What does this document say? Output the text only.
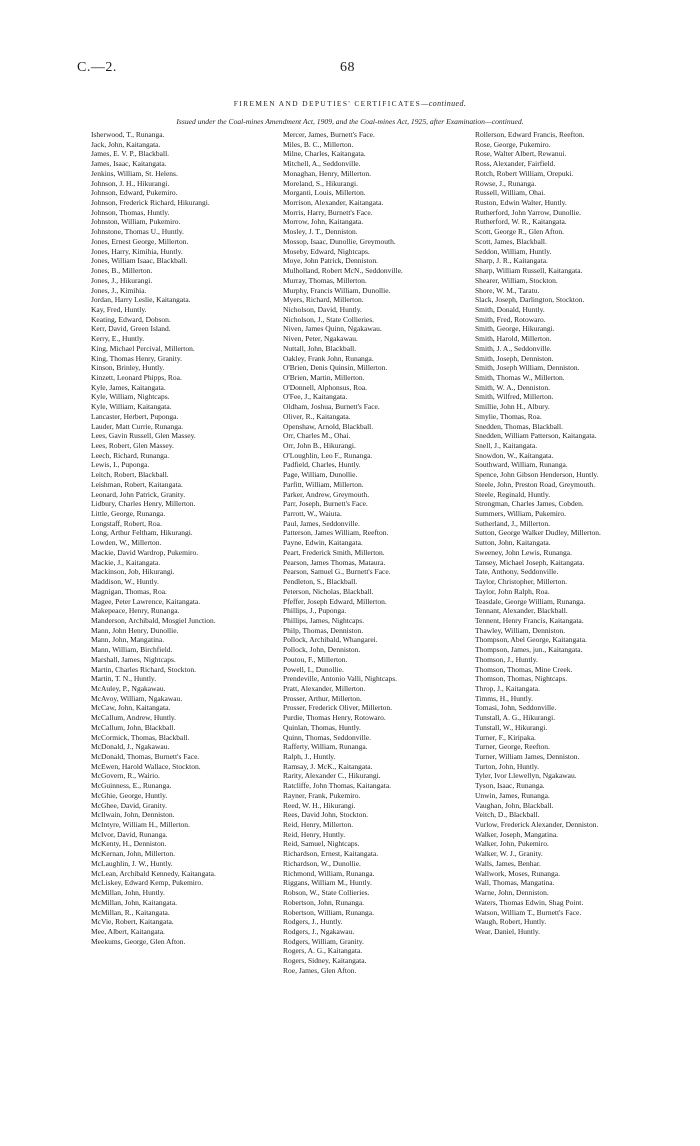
C.—2.	68
FIREMEN AND DEPUTIES' CERTIFICATES—continued.
Issued under the Coal-mines Amendment Act, 1909, and the Coal-mines Act, 1925, after Examination—continued.
Isherwood, T., Runanga.
Jack, John, Kaitangata.
James, E. V. P., Blackball.
James, Isaac, Kaitangata.
Jenkins, William, St. Helens.
Johnson, J. H., Hikurangi.
Johnson, Edward, Pukemiro.
Johnson, Frederick Richard, Hikurangi.
Johnson, Thomas, Huntly.
Johnston, William, Pukemiro.
Johnstone, Thomas U., Huntly.
Jones, Ernest George, Millerton.
Jones, Harry, Kimihia, Huntly.
Jones, William Isaac, Blackball.
Jones, B., Millerton.
Jones, J., Hikurangi.
Jones, J., Kimihia.
Jordan, Harry Leslie, Kaitangata.
Kay, Fred, Huntly.
Keating, Edward, Dobson.
Kerr, David, Green Island.
Kerry, E., Huntly.
King, Michael Percival, Millerton.
King, Thomas Henry, Granity.
Kinson, Brinley, Huntly.
Kinzett, Leonard Phipps, Roa.
Kyle, James, Kaitangata.
Kyle, William, Nightcaps.
Kyle, William, Kaitangata.
Lancaster, Herbert, Puponga.
Lauder, Matt Currie, Runanga.
Lees, Gavin Russell, Glen Massey.
Lees, Robert, Glen Massey.
Leech, Richard, Runanga.
Lewis, I., Puponga.
Leitch, Robert, Blackball.
Leishman, Robert, Kaitangata.
Leonard, John Patrick, Granity.
Lidbury, Charles Henry, Millerton.
Little, George, Runanga.
Longstaff, Robert, Roa.
Long, Arthur Feltham, Hikurangi.
Lowden, W., Millerton.
Mackie, David Wardrop, Pukemiro.
Mackie, J., Kaitangata.
Mackinson, Job, Hikurangi.
Maddison, W., Huntly.
Magnigan, Thomas, Roa.
Magee, Peter Lawrence, Kaitangata.
Makepeace, Henry, Runanga.
Manderson, Archibald, Mosgiel Junction.
Mann, John Henry, Dunollie.
Mann, John, Mangatina.
Mann, William, Birchfield.
Marshall, James, Nightcaps.
Martin, Charles Richard, Stockton.
Martin, T. N., Huntly.
McAuley, P., Ngakawau.
McAvoy, William, Ngakawau.
McCaw, John, Kaitangata.
McCallum, Andrew, Huntly.
McCallum, John, Blackball.
McCormick, Thomas, Blackball.
McDonald, J., Ngakawau.
McDonald, Thomas, Burnett's Face.
McEwen, Harold Wallace, Stockton.
McGovern, R., Wairio.
McGuinness, E., Runanga.
McGhie, George, Huntly.
McGhee, David, Granity.
McIlwain, John, Denniston.
McIntyre, William H., Millerton.
McIvor, David, Runanga.
McKenty, H., Denniston.
McKernan, John, Millerton.
McLaughlin, J. W., Huntly.
McLean, Archibald Kennedy, Kaitangata.
McLiskey, Edward Kemp, Pukemiro.
McMillan, John, Huntly.
McMillan, John, Kaitangata.
McMillan, R., Kaitangata.
McVie, Robert, Kaitangata.
Mee, Albert, Kaitangata.
Meekums, George, Glen Afton.
Mercer, James, Burnett's Face.
Miles, B. C., Millerton.
Milne, Charles, Kaitangata.
Mitchell, A., Seddonville.
Monaghan, Henry, Millerton.
Moreland, S., Hikurangi.
Morganti, Louis, Millerton.
Morrison, Alexander, Kaitangata.
Morris, Harry, Burnett's Face.
Morrow, John, Kaitangata.
Mosley, J. T., Denniston.
Mossop, Isaac, Dunollie, Greymouth.
Moseby, Edward, Nightcaps.
Moye, John Patrick, Denniston.
Mulholland, Robert McN., Seddonville.
Murray, Thomas, Millerton.
Murphy, Francis William, Dunollie.
Myers, Richard, Millerton.
Nicholson, David, Huntly.
Nicholson, J., State Collieries.
Niven, James Quinn, Ngakawau.
Niven, Peter, Ngakawau.
Nuttall, John, Blackball.
Oakley, Frank John, Runanga.
O'Brien, Denis Quinsin, Millerton.
O'Brien, Martin, Millerton.
O'Donnell, Alphonsus, Roa.
O'Fee, J., Kaitangata.
Oldham, Joshua, Burnett's Face.
Oliver, R., Kaitangata.
Openshaw, Arnold, Blackball.
Orr, Charles M., Ohai.
Orr, John B., Hikurangi.
O'Loughlin, Leo F., Runanga.
Padfield, Charles, Huntly.
Page, William, Dunollie.
Parfitt, William, Millerton.
Parker, Andrew, Greymouth.
Parr, Joseph, Burnett's Face.
Parrott, W., Waiuta.
Paul, James, Seddonville.
Patterson, James William, Reefton.
Payne, Edwin, Kaitangata.
Peart, Frederick Smith, Millerton.
Pearson, James Thomas, Mataura.
Pearson, Samuel G., Burnett's Face.
Pendleton, S., Blackball.
Peterson, Nicholas, Blackball.
Pfeffer, Joseph Edward, Millerton.
Phillips, J., Puponga.
Phillips, James, Nightcaps.
Philp, Thomas, Denniston.
Pollock, Archibald, Whangarei.
Pollock, John, Denniston.
Poutou, F., Millerton.
Powell, I., Dunollie.
Prendeville, Antonio Valli, Nightcaps.
Pratt, Alexander, Millerton.
Prosser, Arthur, Millerton.
Prosser, Frederick Oliver, Millerton.
Purdie, Thomas Henry, Rotowaro.
Quinlan, Thomas, Huntly.
Quinn, Thomas, Seddonville.
Rafferty, William, Runanga.
Ralph, J., Huntly.
Ramsay, J. McK., Kaitangata.
Rarity, Alexander C., Hikurangi.
Ratcliffe, John Thomas, Kaitangata.
Rayner, Frank, Pukemiro.
Reed, W. H., Hikurangi.
Rees, David John, Stockton.
Reid, Henry, Millerton.
Reid, Henry, Huntly.
Reid, Samuel, Nightcaps.
Richardson, Ernest, Kaitangata.
Richardson, W., Dunollie.
Richmond, William, Runanga.
Riggans, William M., Huntly.
Robson, W., State Collieries.
Robertson, John, Runanga.
Robertson, William, Runanga.
Rodgers, J., Huntly.
Rodgers, J., Ngakawau.
Rodgers, William, Granity.
Rogers, A. G., Kaitangata.
Rogers, Sidney, Kaitangata.
Roe, James, Glen Afton.
Rollerson, Edward Francis, Reefton.
Rose, George, Pukemiro.
Rose, Walter Albert, Rewanui.
Ross, Alexander, Fairfield.
Rotch, Robert William, Orepuki.
Rowse, J., Runanga.
Russell, William, Ohai.
Ruston, Edwin Walter, Huntly.
Rutherford, John Yarrow, Dunollie.
Rutherford, W. R., Kaitangata.
Scott, George R., Glen Afton.
Scott, James, Blackball.
Seddon, William, Huntly.
Sharp, J. R., Kaitangata.
Sharp, William Russell, Kaitangata.
Shearer, William, Stockton.
Shore, W. M., Taratu.
Slack, Joseph, Darlington, Stockton.
Smith, Donald, Huntly.
Smith, Fred, Rotowaro.
Smith, George, Hikurangi.
Smith, Harold, Millerton.
Smith, J. A., Seddonville.
Smith, Joseph, Denniston.
Smith, Joseph William, Denniston.
Smith, Thomas W., Millerton.
Smith, W. A., Denniston.
Smith, Wilfred, Millerton.
Smillie, John H., Albury.
Smylie, Thomas, Roa.
Snedden, Thomas, Blackball.
Snedden, William Patterson, Kaitangata.
Snell, J., Kaitangata.
Snowdon, W., Kaitangata.
Southward, William, Runanga.
Spence, John Gibson Henderson, Huntly.
Steele, John, Preston Road, Greymouth.
Steele, Reginald, Huntly.
Strongman, Charles James, Cobden.
Summers, William, Pukemiro.
Sutherland, J., Millerton.
Sutton, George Walker Dudley, Millerton.
Sutton, John, Kaitangata.
Sweeney, John Lewis, Runanga.
Tansey, Michael Joseph, Kaitangata.
Tate, Anthony, Seddonville.
Taylor, Christopher, Millerton.
Taylor, John Ralph, Roa.
Teasdale, George William, Runanga.
Tennant, Alexander, Blackball.
Tennent, Henry Francis, Kaitangata.
Thawley, William, Denniston.
Thompson, Abel George, Kaitangata.
Thompson, James, jun., Kaitangata.
Thomson, J., Huntly.
Thomson, Thomas, Mine Creek.
Thomson, Thomas, Nightcaps.
Throp, J., Kaitangata.
Timms, H., Huntly.
Tomasi, John, Seddonville.
Tunstall, A. G., Hikurangi.
Tunstall, W., Hikurangi.
Turner, F., Kiripaka.
Turner, George, Reefton.
Turner, William James, Denniston.
Turton, John, Huntly.
Tyler, Ivor Llewellyn, Ngakawau.
Tyson, Isaac, Runanga.
Unwin, James, Runanga.
Vaughan, John, Blackball.
Veitch, D., Blackball.
Vurlow, Frederick Alexander, Denniston.
Walker, Joseph, Mangatina.
Walker, John, Pukemiro.
Walker, W. J., Granity.
Walls, James, Benhar.
Wallwork, Moses, Runanga.
Wall, Thomas, Mangatina.
Warne, John, Denniston.
Waters, Thomas Edwin, Shag Point.
Watson, William T., Burnett's Face.
Waugh, Robert, Huntly.
Wear, Daniel, Huntly.
